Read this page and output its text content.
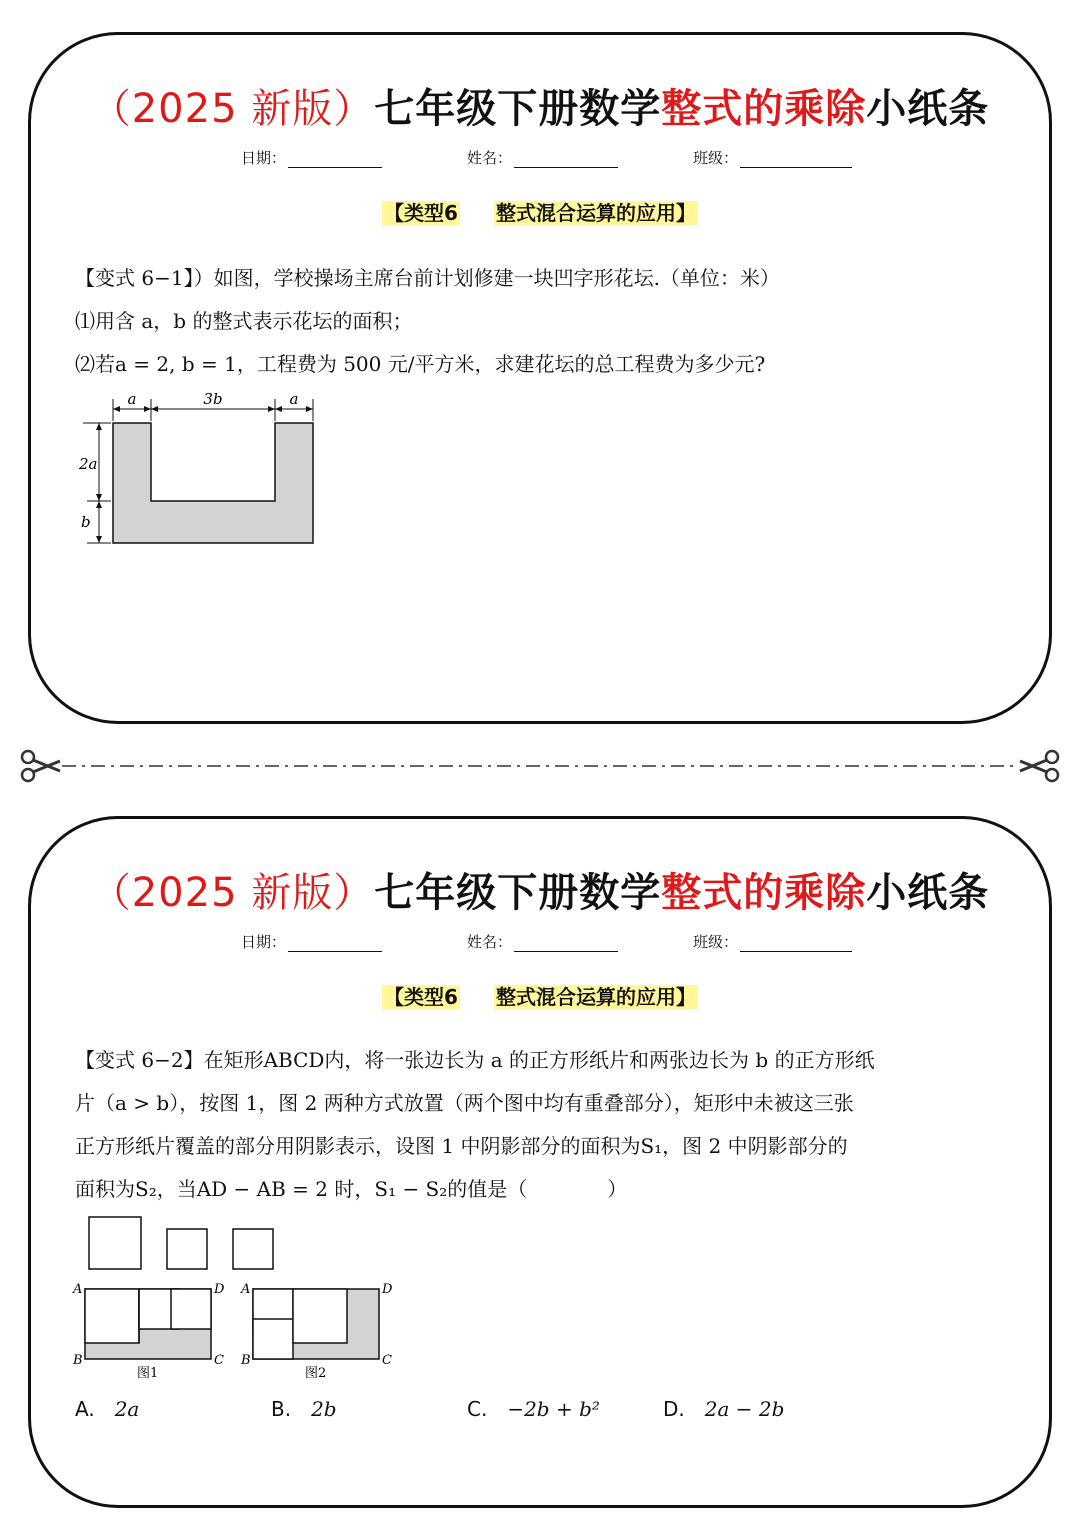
（2025 新版）七年级下册数学整式的乘除小纸条
日期：	姓名：	班级：
【类型6 整式混合运算的应用】

【变式 6−1】）如图，学校操场主席台前计划修建一块凹字形花坛.（单位：米）

⑴用含 a，b 的整式表示花坛的面积；

⑵若a = 2, b = 1，工程费为 500 元/平方米，求建花坛的总工程费为多少元?

a	3b	a
2a
b
（2025 新版）七年级下册数学整式的乘除小纸条
日期：	姓名：	班级：
【类型6 整式混合运算的应用】

【变式 6−2】在矩形ABCD内，将一张边长为 a 的正方形纸片和两张边长为 b 的正方形纸

片（a > b），按图 1，图 2 两种方式放置（两个图中均有重叠部分），矩形中未被这三张

正方形纸片覆盖的部分用阴影表示，设图 1 中阴影部分的面积为S₁，图 2 中阴影部分的

面积为S₂，当AD − AB = 2 时，S₁ − S₂的值是（　　　　）

A	D
B	C
图1
A	D
B	C
图2
A. 2a	B. 2b	C. −2b + b²	D. 2a − 2b
